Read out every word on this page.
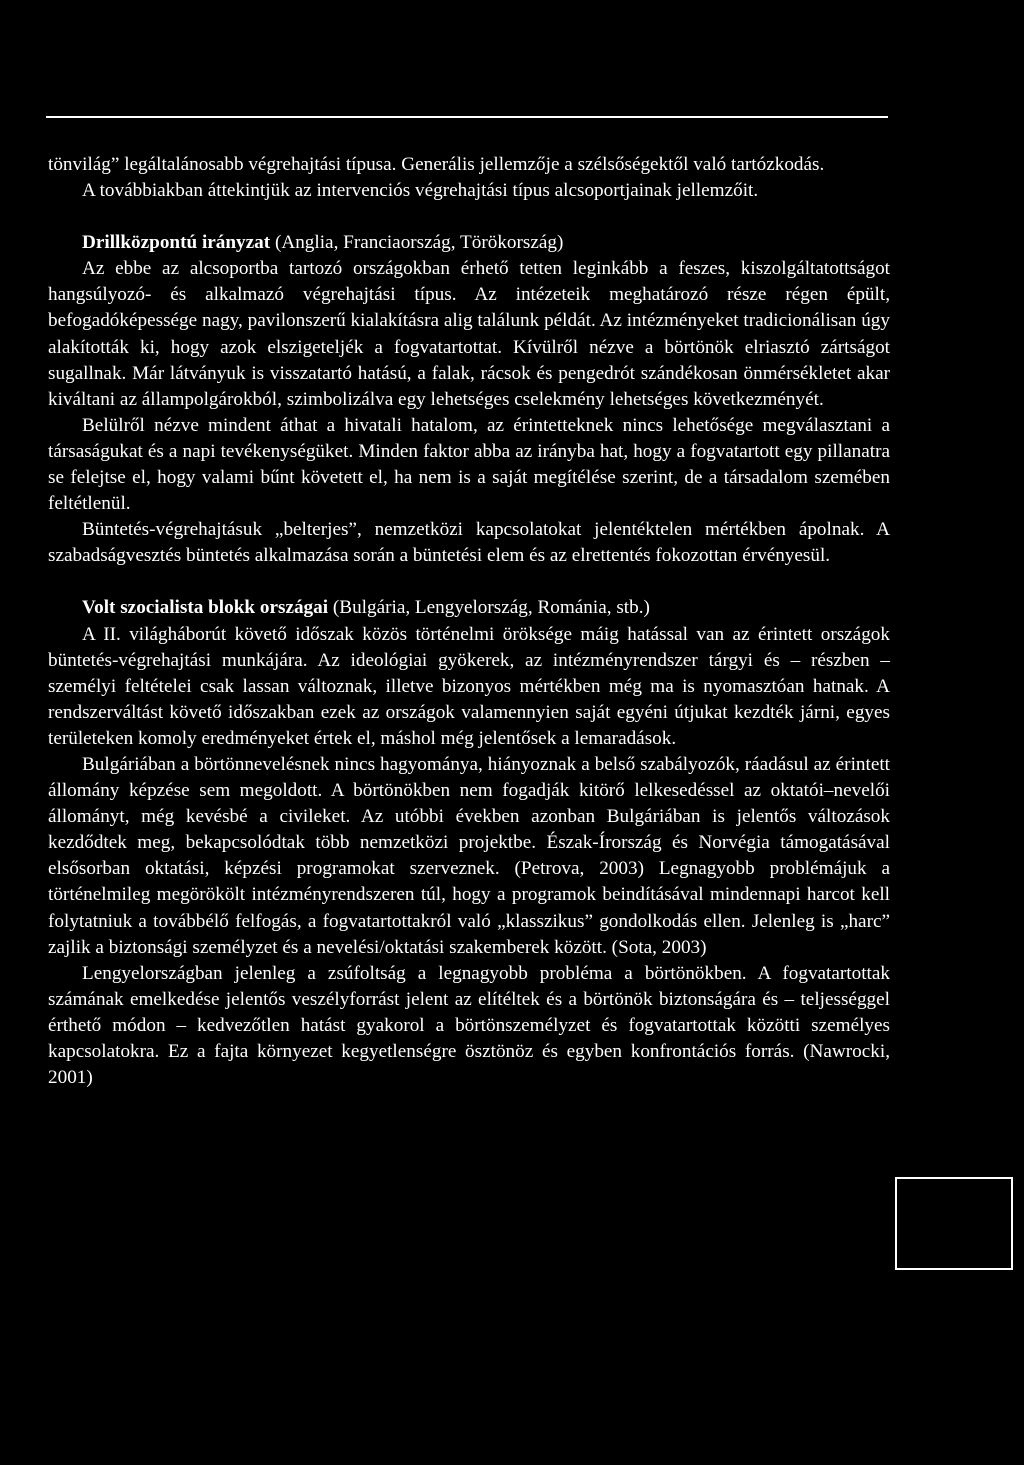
tönvilág” legáltalánosabb végrehajtási típusa. Generális jellemzője a szélsőségektől való tartózkodás.

A továbbiakban áttekintjük az intervenciós végrehajtási típus alcsoportjainak jellemzőit.

Drillközpontú irányzat (Anglia, Franciaország, Törökország)

Az ebbe az alcsoportba tartozó országokban érhető tetten leginkább a feszes, kiszolgáltatottságot hangsúlyozó- és alkalmazó végrehajtási típus. Az intézeteik meghatározó része régen épült, befogadóképessége nagy, pavilonszerű kialakításra alig találunk példát. Az intézményeket tradicionálisan úgy alakították ki, hogy azok elszigeteljék a fogvatartottat. Kívülről nézve a börtönök elriasztó zártságot sugallnak. Már látványuk is visszatartó hatású, a falak, rácsok és pengedrót szándékosan önmérsékletet akar kiváltani az állampolgárokból, szimbolizálva egy lehetséges cselekmény lehetséges következményét.

Belülről nézve mindent áthat a hivatali hatalom, az érintetteknek nincs lehetősége megválasztani a társaságukat és a napi tevékenységüket. Minden faktor abba az irányba hat, hogy a fogvatartott egy pillanatra se felejtse el, hogy valami bűnt követett el, ha nem is a saját megítélése szerint, de a társadalom szemében feltétlenül.

Büntetés-végrehajtásuk „belterjes”, nemzetközi kapcsolatokat jelentéktelen mértékben ápolnak. A szabadságvesztés büntetés alkalmazása során a büntetési elem és az elrettentés fokozottan érvényesül.

Volt szocialista blokk országai (Bulgária, Lengyelország, Románia, stb.)

A II. világháborút követő időszak közös történelmi öröksége máig hatással van az érintett országok büntetés-végrehajtási munkájára. Az ideológiai gyökerek, az intézményrendszer tárgyi és – részben – személyi feltételei csak lassan változnak, illetve bizonyos mértékben még ma is nyomasztóan hatnak. A rendszerváltást követő időszakban ezek az országok valamennyien saját egyéni útjukat kezdték járni, egyes területeken komoly eredményeket értek el, máshol még jelentősek a lemaradások.

Bulgáriában a börtönnevelésnek nincs hagyománya, hiányoznak a belső szabályozók, ráadásul az érintett állomány képzése sem megoldott. A börtönökben nem fogadják kitörő lelkesedéssel az oktatói–nevelői állományt, még kevésbé a civileket. Az utóbbi években azonban Bulgáriában is jelentős változások kezdődtek meg, bekapcsolódtak több nemzetközi projektbe. Észak-Írország és Norvégia támogatásával elsősorban oktatási, képzési programokat szerveznek. (Petrova, 2003) Legnagyobb problémájuk a történelmileg megörökölt intézményrendszeren túl, hogy a programok beindításával mindennapi harcot kell folytatniuk a továbbélő felfogás, a fogvatartottakról való „klasszikus” gondolkodás ellen. Jelenleg is „harc” zajlik a biztonsági személyzet és a nevelési/oktatási szakemberek között. (Sota, 2003)

Lengyelországban jelenleg a zsúfoltság a legnagyobb probléma a börtönökben. A fogvatartottak számának emelkedése jelentős veszélyforrást jelent az elítéltek és a börtönök biztonságára és – teljességgel érthető módon – kedvezőtlen hatást gyakorol a börtönszemélyzet és fogvatartottak közötti személyes kapcsolatokra. Ez a fajta környezet kegyetlenségre ösztönöz és egyben konfrontációs forrás. (Nawrocki, 2001)
